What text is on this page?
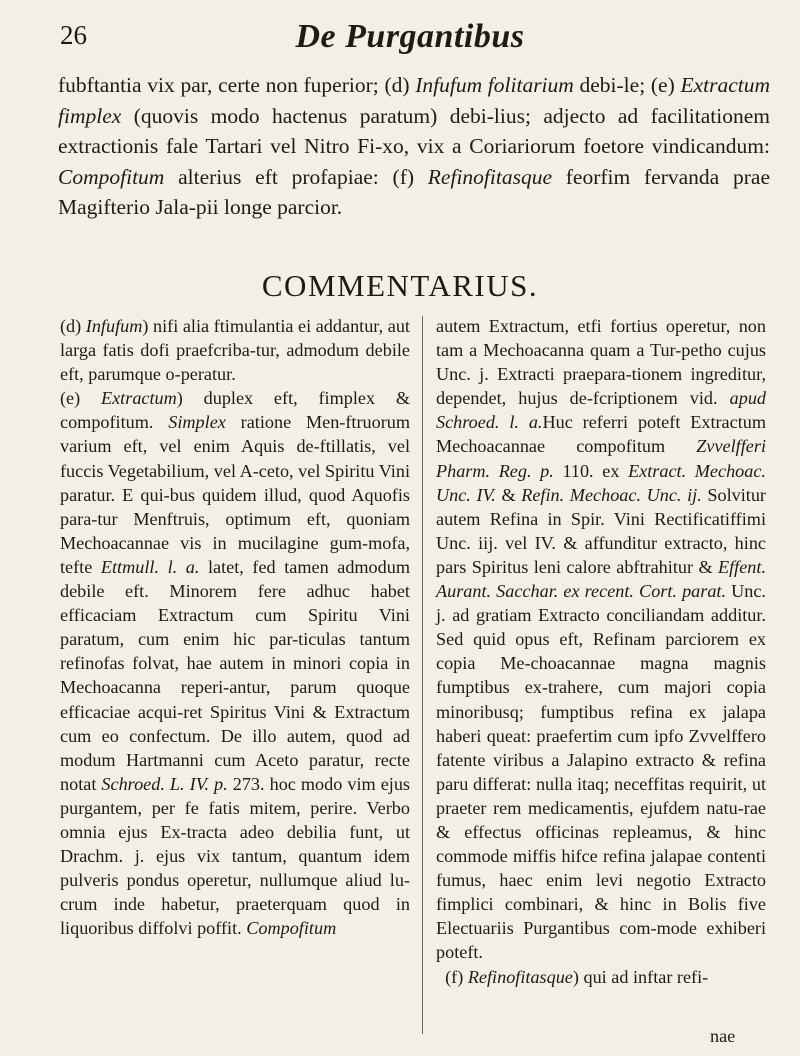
26	De Purgantibus
fubftantia vix par, certe non fuperior; (d) Infufum folitarium debi-le; (e) Extractum fimplex (quovis modo hactenus paratum) debi-lius; adjecto ad facilitationem extractionis fale Tartari vel Nitro Fi-xo, vix a Coriariorum foetore vindicandum: Compofitum alterius eft profapiae: (f) Refinofitasque feorfim fervanda prae Magifterio Jala-pii longe parcior.
COMMENTARIUS.

(d) Infufum) nifi alia ftimulantia ei addantur, aut larga fatis dofi praefcriba-tur, admodum debile eft, parumque o-peratur.

(e) Extractum) duplex eft, fimplex & compofitum. Simplex ratione Men-ftruorum varium eft, vel enim Aquis de-ftillatis, vel fuccis Vegetabilium, vel A-ceto, vel Spiritu Vini paratur. E qui-bus quidem illud, quod Aquofis para-tur Menftruis, optimum eft, quoniam Mechoacannae vis in mucilagine gum-mofa, tefte Ettmull. l. a. latet, fed tamen admodum debile eft. Minorem fere adhuc habet efficaciam Extractum cum Spiritu Vini paratum, cum enim hic par-ticulas tantum refinofas folvat, hae autem in minori copia in Mechoacanna reperi-antur, parum quoque efficaciae acqui-ret Spiritus Vini & Extractum cum eo confectum. De illo autem, quod ad modum Hartmanni cum Aceto paratur, recte notat Schroed. L. IV. p. 273. hoc modo vim ejus purgantem, per fe fatis mitem, perire. Verbo omnia ejus Ex-tracta adeo debilia funt, ut Drachm. j. ejus vix tantum, quantum idem pulveris pondus operetur, nullumque aliud lu-crum inde habetur, praeterquam quod in liquoribus diffolvi poffit. Compofitum

autem Extractum, etfi fortius operetur, non tam a Mechoacanna quam a Tur-petho cujus Unc. j. Extracti praepara-tionem ingreditur, dependet, hujus de-fcriptionem vid. apud Schroed. l. a.Huc referri poteft Extractum Mechoacannae compofitum Zvvelfferi Pharm. Reg. p. 110. ex Extract. Mechoac. Unc. IV. & Refin. Mechoac. Unc. ij. Solvitur autem Refina in Spir. Vini Rectificatiffimi Unc. iij. vel IV. & affunditur extracto, hinc pars Spiritus leni calore abftrahitur & Effent. Aurant. Sacchar. ex recent. Cort. parat. Unc. j. ad gratiam Extracto conciliandam additur. Sed quid opus eft, Refinam parciorem ex copia Me-choacannae magna magnis fumptibus ex-trahere, cum majori copia minoribusq; fumptibus refina ex jalapa haberi queat: praefertim cum ipfo Zvvelffero fatente viribus a Jalapino extracto & refina paru differat: nulla itaq; neceffitas requirit, ut praeter rem medicamentis, ejufdem natu-rae & effectus officinas repleamus, & hinc commode miffis hifce refina jalapae contenti fumus, haec enim levi negotio Extracto fimplici combinari, & hinc in Bolis five Electuariis Purgantibus com-mode exhiberi poteft.

(f) Refinofitasque) qui ad inftar refi-

nae
